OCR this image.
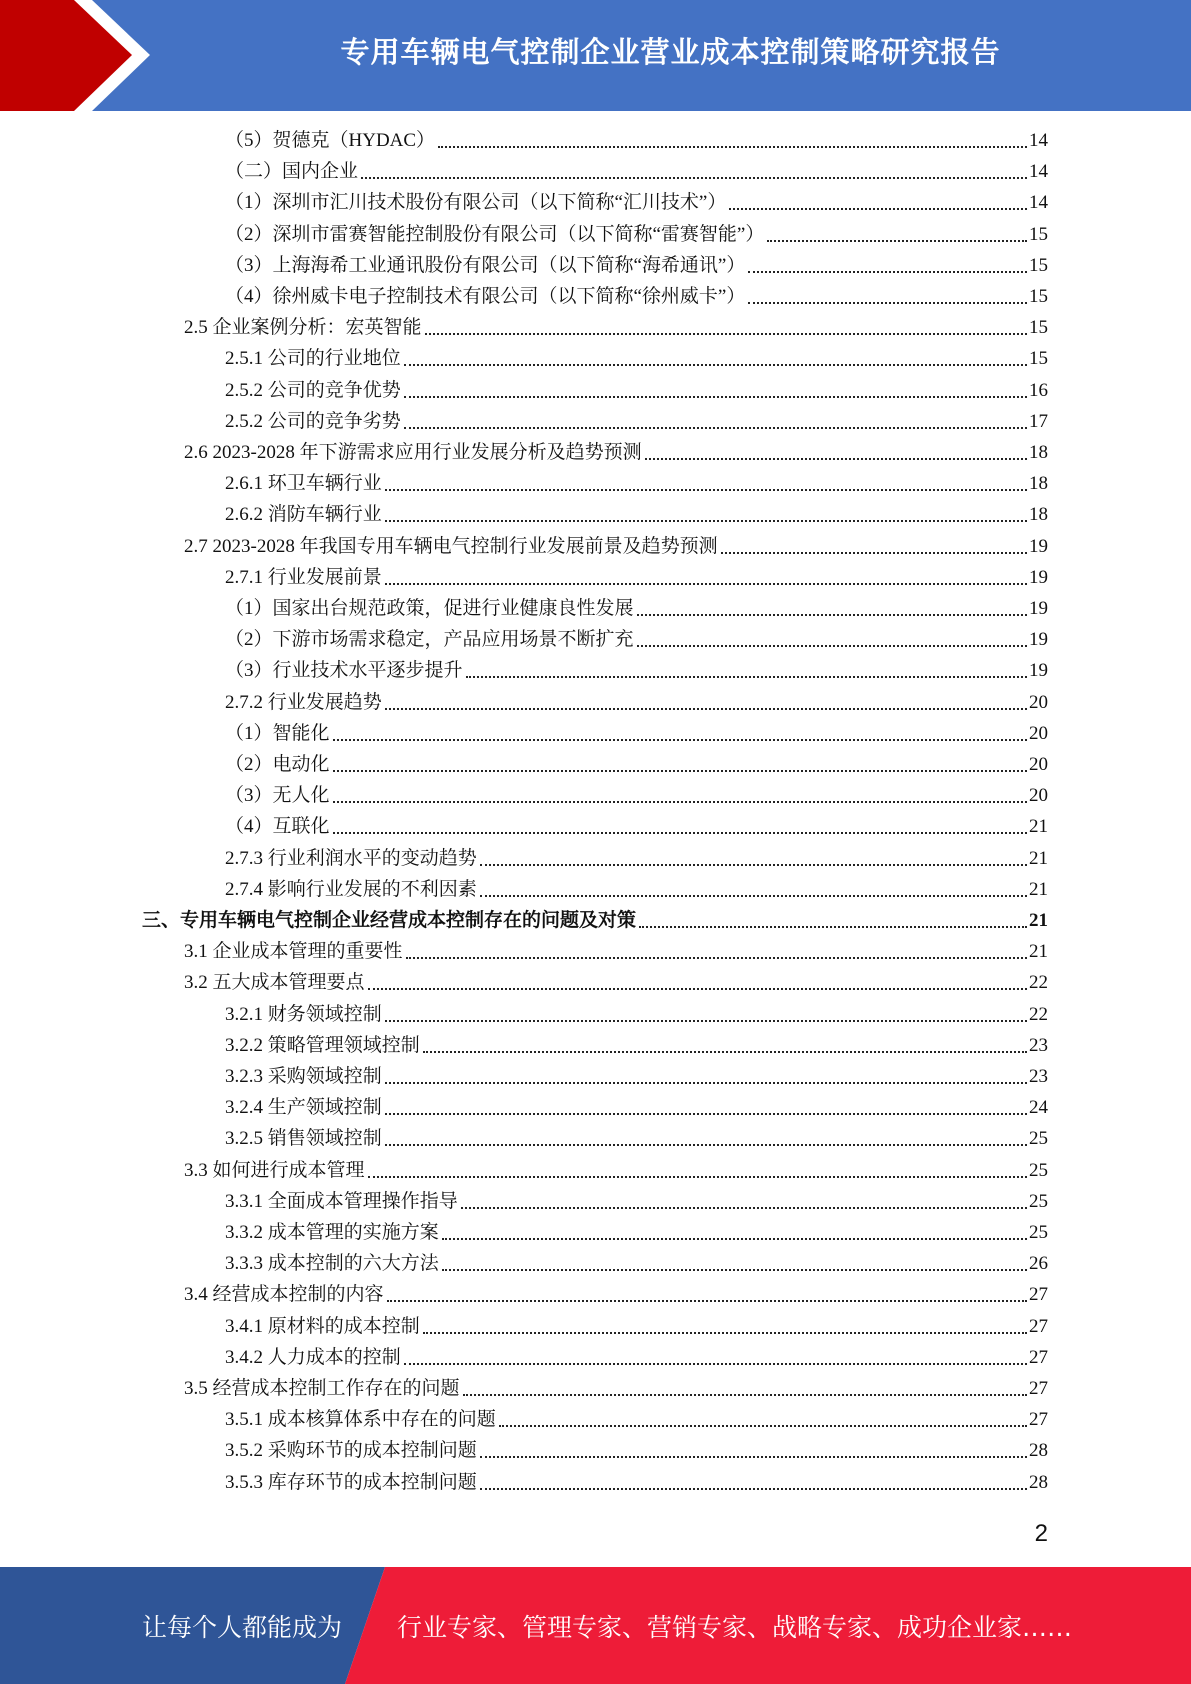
专用车辆电气控制企业营业成本控制策略研究报告
（5）贺德克（HYDAC）	14
（二）国内企业	14
（1）深圳市汇川技术股份有限公司（以下简称“汇川技术”）	14
（2）深圳市雷赛智能控制股份有限公司（以下简称“雷赛智能”）	15
（3）上海海希工业通讯股份有限公司（以下简称“海希通讯”）	15
（4）徐州威卡电子控制技术有限公司（以下简称“徐州威卡”）	15
2.5 企业案例分析：宏英智能	15
2.5.1 公司的行业地位	15
2.5.2 公司的竞争优势	16
2.5.2 公司的竞争劣势	17
2.6 2023-2028 年下游需求应用行业发展分析及趋势预测	18
2.6.1 环卫车辆行业	18
2.6.2 消防车辆行业	18
2.7 2023-2028 年我国专用车辆电气控制行业发展前景及趋势预测	19
2.7.1 行业发展前景	19
（1）国家出台规范政策，促进行业健康良性发展	19
（2）下游市场需求稳定，产品应用场景不断扩充	19
（3）行业技术水平逐步提升	19
2.7.2 行业发展趋势	20
（1）智能化	20
（2）电动化	20
（3）无人化	20
（4）互联化	21
2.7.3 行业利润水平的变动趋势	21
2.7.4 影响行业发展的不利因素	21
三、专用车辆电气控制企业经营成本控制存在的问题及对策	21
3.1 企业成本管理的重要性	21
3.2 五大成本管理要点	22
3.2.1 财务领域控制	22
3.2.2 策略管理领域控制	23
3.2.3 采购领域控制	23
3.2.4 生产领域控制	24
3.2.5 销售领域控制	25
3.3 如何进行成本管理	25
3.3.1 全面成本管理操作指导	25
3.3.2 成本管理的实施方案	25
3.3.3 成本控制的六大方法	26
3.4 经营成本控制的内容	27
3.4.1 原材料的成本控制	27
3.4.2 人力成本的控制	27
3.5 经营成本控制工作存在的问题	27
3.5.1 成本核算体系中存在的问题	27
3.5.2 采购环节的成本控制问题	28
3.5.3 库存环节的成本控制问题	28
2
让每个人都能成为 行业专家、管理专家、营销专家、战略专家、成功企业家……
